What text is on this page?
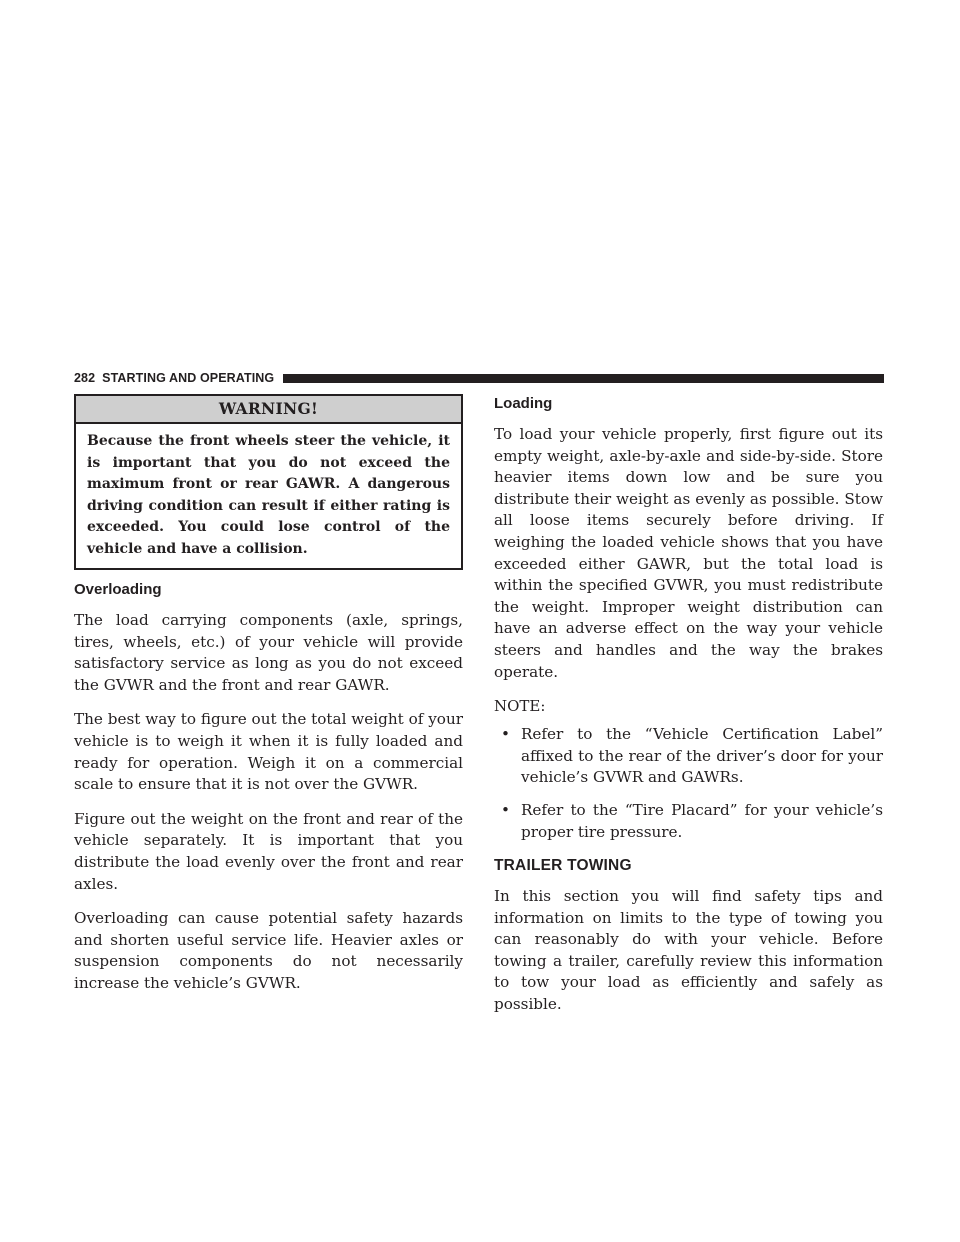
282 STARTING AND OPERATING
WARNING!
Because the front wheels steer the vehicle, it is important that you do not exceed the maximum front or rear GAWR. A dangerous driving condition can result if either rating is exceeded. You could lose control of the vehicle and have a collision.
Overloading

The load carrying components (axle, springs, tires, wheels, etc.) of your vehicle will provide satisfactory service as long as you do not exceed the GVWR and the front and rear GAWR.

The best way to figure out the total weight of your vehicle is to weigh it when it is fully loaded and ready for operation. Weigh it on a commercial scale to ensure that it is not over the GVWR.

Figure out the weight on the front and rear of the vehicle separately. It is important that you distribute the load evenly over the front and rear axles.

Overloading can cause potential safety hazards and shorten useful service life. Heavier axles or suspension components do not necessarily increase the vehicle’s GVWR.

Loading

To load your vehicle properly, first figure out its empty weight, axle-by-axle and side-by-side. Store heavier items down low and be sure you distribute their weight as evenly as possible. Stow all loose items securely before driving. If weighing the loaded vehicle shows that you have exceeded either GAWR, but the total load is within the specified GVWR, you must redistribute the weight. Improper weight distribution can have an adverse effect on the way your vehicle steers and handles and the way the brakes operate.

NOTE:
• Refer to the “Vehicle Certification Label” affixed to the rear of the driver’s door for your vehicle’s GVWR and GAWRs.
• Refer to the “Tire Placard” for your vehicle’s proper tire pressure.
TRAILER TOWING

In this section you will find safety tips and information on limits to the type of towing you can reasonably do with your vehicle. Before towing a trailer, carefully review this information to tow your load as efficiently and safely as possible.
